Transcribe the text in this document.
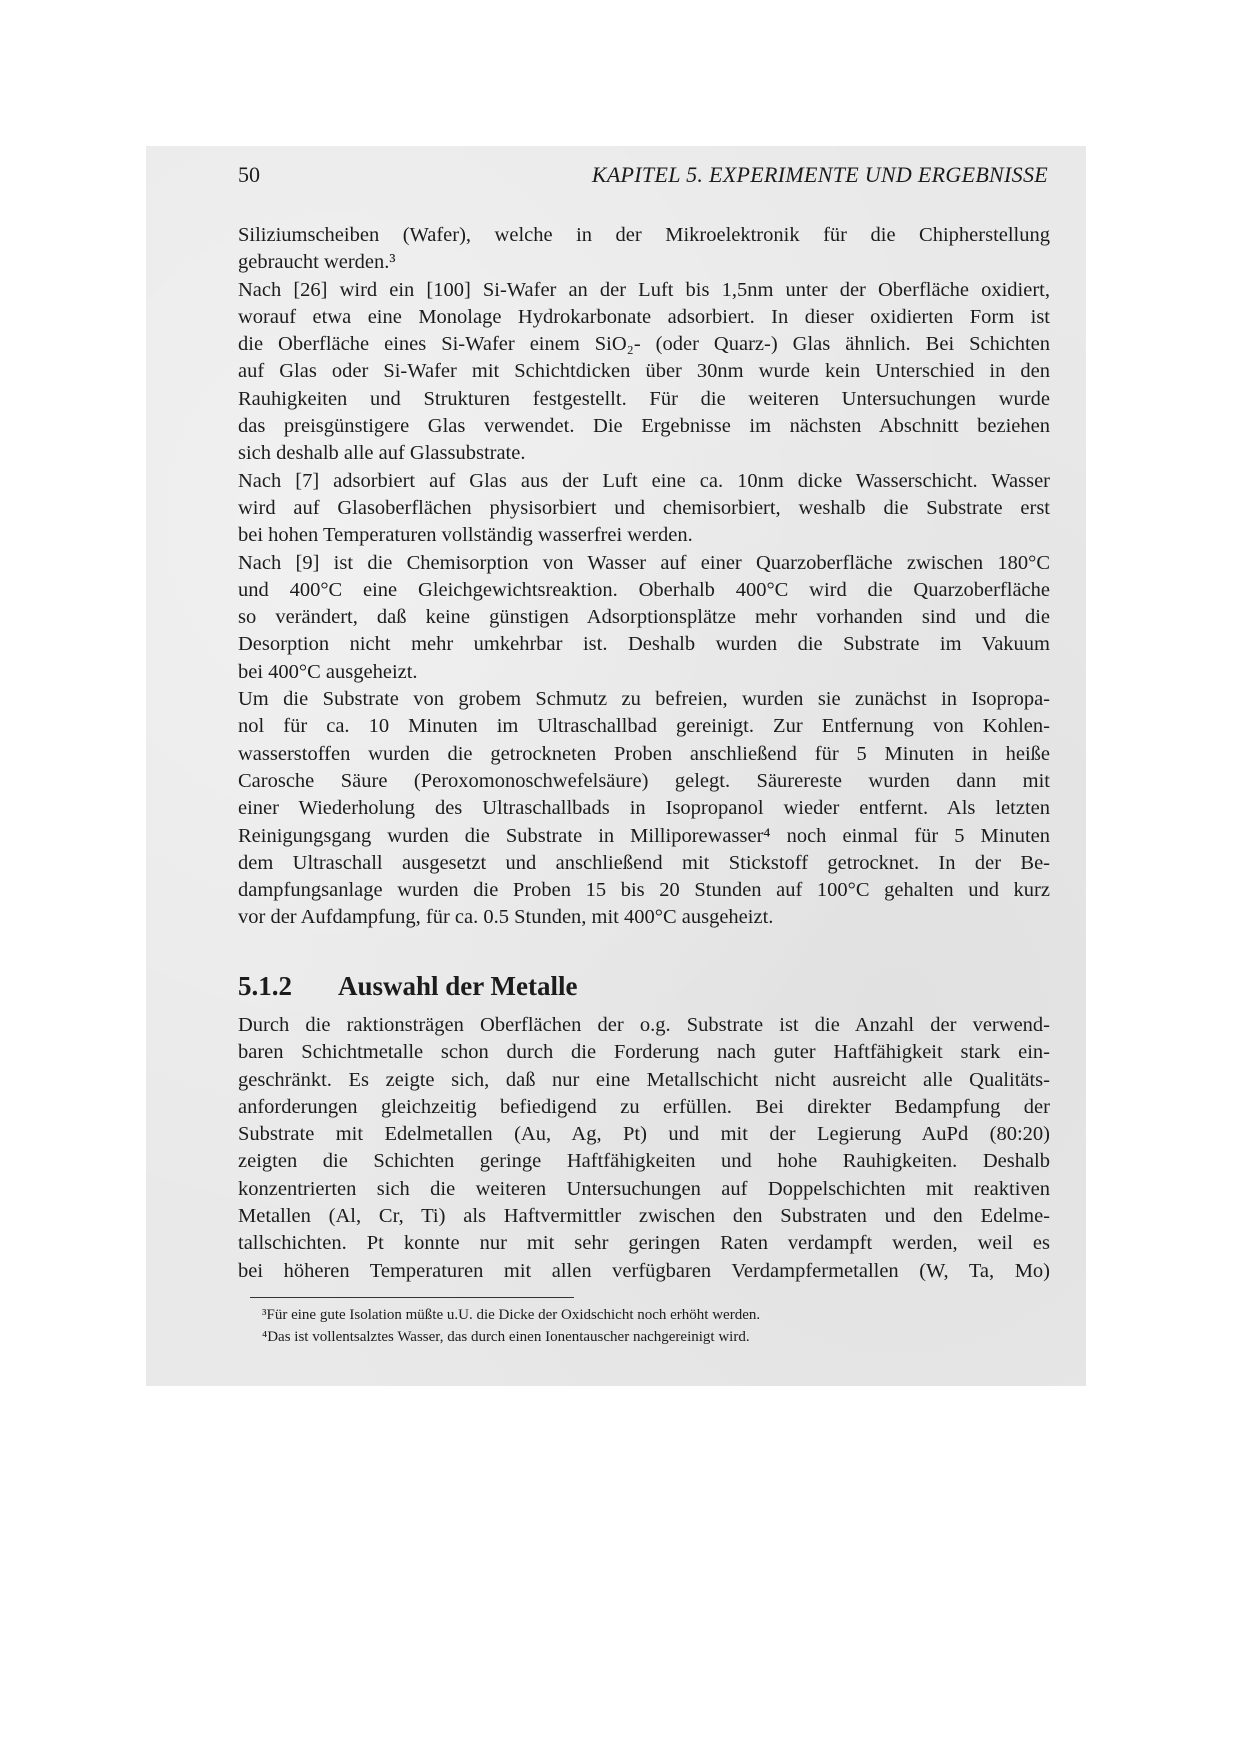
50	KAPITEL 5. EXPERIMENTE UND ERGEBNISSE
Siliziumscheiben (Wafer), welche in der Mikroelektronik für die Chipherstellung
gebraucht werden.³
Nach [26] wird ein [100] Si-Wafer an der Luft bis 1,5nm unter der Oberfläche oxidiert,
worauf etwa eine Monolage Hydrokarbonate adsorbiert. In dieser oxidierten Form ist
die Oberfläche eines Si-Wafer einem SiO₂- (oder Quarz-) Glas ähnlich. Bei Schichten
auf Glas oder Si-Wafer mit Schichtdicken über 30nm wurde kein Unterschied in den
Rauhigkeiten und Strukturen festgestellt. Für die weiteren Untersuchungen wurde
das preisgünstigere Glas verwendet. Die Ergebnisse im nächsten Abschnitt beziehen
sich deshalb alle auf Glassubstrate.
Nach [7] adsorbiert auf Glas aus der Luft eine ca. 10nm dicke Wasserschicht. Wasser
wird auf Glasoberflächen physisorbiert und chemisorbiert, weshalb die Substrate erst
bei hohen Temperaturen vollständig wasserfrei werden.
Nach [9] ist die Chemisorption von Wasser auf einer Quarzoberfläche zwischen 180°C
und 400°C eine Gleichgewichtsreaktion. Oberhalb 400°C wird die Quarzoberfläche
so verändert, daß keine günstigen Adsorptionsplätze mehr vorhanden sind und die
Desorption nicht mehr umkehrbar ist. Deshalb wurden die Substrate im Vakuum
bei 400°C ausgeheizt.
Um die Substrate von grobem Schmutz zu befreien, wurden sie zunächst in Isopropa-
nol für ca. 10 Minuten im Ultraschallbad gereinigt. Zur Entfernung von Kohlen-
wasserstoffen wurden die getrockneten Proben anschließend für 5 Minuten in heiße
Carosche Säure (Peroxomonoschwefelsäure) gelegt. Säurereste wurden dann mit
einer Wiederholung des Ultraschallbads in Isopropanol wieder entfernt. Als letzten
Reinigungsgang wurden die Substrate in Milliporewasser⁴ noch einmal für 5 Minuten
dem Ultraschall ausgesetzt und anschließend mit Stickstoff getrocknet. In der Be-
dampfungsanlage wurden die Proben 15 bis 20 Stunden auf 100°C gehalten und kurz
vor der Aufdampfung, für ca. 0.5 Stunden, mit 400°C ausgeheizt.
5.1.2 Auswahl der Metalle
Durch die raktionsträgen Oberflächen der o.g. Substrate ist die Anzahl der verwend-
baren Schichtmetalle schon durch die Forderung nach guter Haftfähigkeit stark ein-
geschränkt. Es zeigte sich, daß nur eine Metallschicht nicht ausreicht alle Qualitäts-
anforderungen gleichzeitig befiedigend zu erfüllen. Bei direkter Bedampfung der
Substrate mit Edelmetallen (Au, Ag, Pt) und mit der Legierung AuPd (80:20)
zeigten die Schichten geringe Haftfähigkeiten und hohe Rauhigkeiten. Deshalb
konzentrierten sich die weiteren Untersuchungen auf Doppelschichten mit reaktiven
Metallen (Al, Cr, Ti) als Haftvermittler zwischen den Substraten und den Edelme-
tallschichten. Pt konnte nur mit sehr geringen Raten verdampft werden, weil es
bei höheren Temperaturen mit allen verfügbaren Verdampfermetallen (W, Ta, Mo)
³Für eine gute Isolation müßte u.U. die Dicke der Oxidschicht noch erhöht werden.
⁴Das ist vollentsalztes Wasser, das durch einen Ionentauscher nachgereinigt wird.
